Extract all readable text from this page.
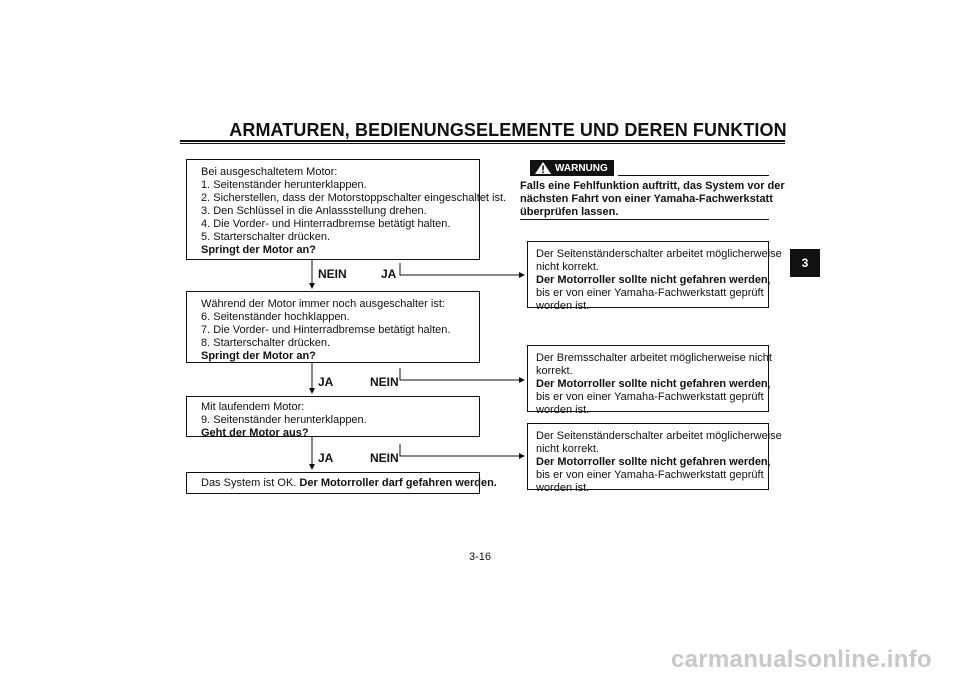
ARMATUREN, BEDIENUNGSELEMENTE UND DEREN FUNKTION
3
Bei ausgeschaltetem Motor:
1. Seitenständer herunterklappen.
2. Sicherstellen, dass der Motorstoppschalter eingeschaltet ist.
3. Den Schlüssel in die Anlassstellung drehen.
4. Die Vorder- und Hinterradbremse betätigt halten.
5. Starterschalter drücken.
Springt der Motor an?
NEIN	JA
Während der Motor immer noch ausgeschalter ist:
6. Seitenständer hochklappen.
7. Die Vorder- und Hinterradbremse betätigt halten.
8. Starterschalter drücken.
Springt der Motor an?
JA	NEIN
Mit laufendem Motor:
9. Seitenständer herunterklappen.
Geht der Motor aus?
JA	NEIN
Das System ist OK. Der Motorroller darf gefahren werden.
WARNUNG
Falls eine Fehlfunktion auftritt, das System vor der
nächsten Fahrt von einer Yamaha-Fachwerkstatt
überprüfen lassen.
Der Seitenständerschalter arbeitet möglicherweise
nicht korrekt.
Der Motorroller sollte nicht gefahren werden,
bis er von einer Yamaha-Fachwerkstatt geprüft
worden ist.
Der Bremsschalter arbeitet möglicherweise nicht
korrekt.
Der Motorroller sollte nicht gefahren werden,
bis er von einer Yamaha-Fachwerkstatt geprüft
worden ist.
Der Seitenständerschalter arbeitet möglicherweise
nicht korrekt.
Der Motorroller sollte nicht gefahren werden,
bis er von einer Yamaha-Fachwerkstatt geprüft
worden ist.
3-16
carmanualsonline.info
